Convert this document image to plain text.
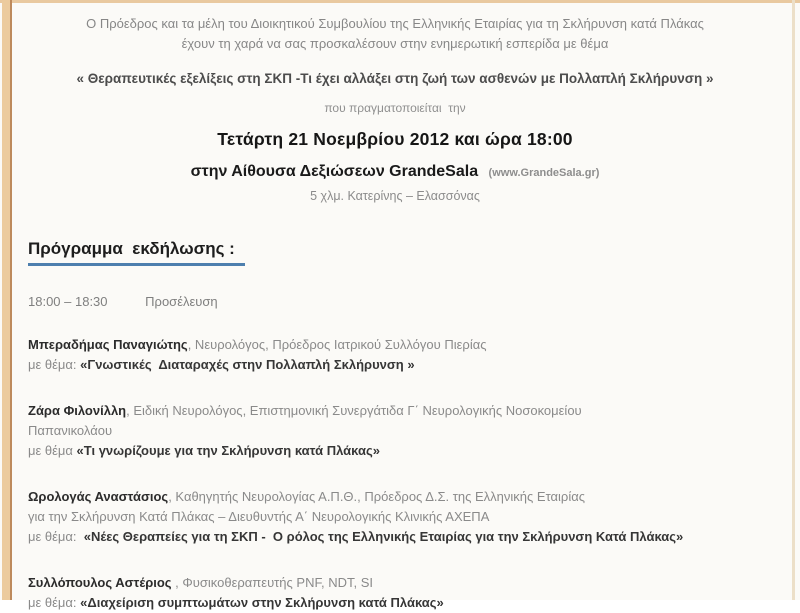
Ο Πρόεδρος και τα μέλη του Διοικητικού Συμβουλίου της Ελληνικής Εταιρίας για τη Σκλήρυνση κατά Πλάκας

έχουν τη χαρά να σας προσκαλέσουν στην ενημερωτική εσπερίδα με θέμα

« Θεραπευτικές εξελίξεις στη ΣΚΠ -Τι έχει αλλάξει στη ζωή των ασθενών με Πολλαπλή Σκλήρυνση »
που πραγματοποιείται  την
Τετάρτη 21 Νοεμβρίου 2012 και ώρα 18:00
στην Αίθουσα Δεξιώσεων GrandeSala (www.GrandeSala.gr)
5 χλμ. Κατερίνης – Ελασσόνας
Πρόγραμμα  εκδήλωσης :
18:00 – 18:30	Προσέλευση
Μπεραδήμας Παναγιώτης, Νευρολόγος, Πρόεδρος Ιατρικού Συλλόγου Πιερίας
με θέμα: «Γνωστικές  Διαταραχές στην Πολλαπλή Σκλήρυνση »
Ζάρα Φιλονίλλη, Ειδική Νευρολόγος, Επιστημονική Συνεργάτιδα Γ΄ Νευρολογικής Νοσοκομείου
Παπανικολάου
με θέμα «Τι γνωρίζουμε για την Σκλήρυνση κατά Πλάκας»
Ωρολογάς Αναστάσιος, Καθηγητής Νευρολογίας Α.Π.Θ., Πρόεδρος Δ.Σ. της Ελληνικής Εταιρίας
για την Σκλήρυνση Κατά Πλάκας – Διευθυντής Α΄ Νευρολογικής Κλινικής ΑΧΕΠΑ
με θέμα:  «Νέες Θεραπείες για τη ΣΚΠ -  Ο ρόλος της Ελληνικής Εταιρίας για την Σκλήρυνση Κατά Πλάκας»
Συλλόπουλος Αστέριος , Φυσικοθεραπευτής PNF, NDT, SI
με θέμα: «Διαχείριση συμπτωμάτων στην Σκλήρυνση κατά Πλάκας»
